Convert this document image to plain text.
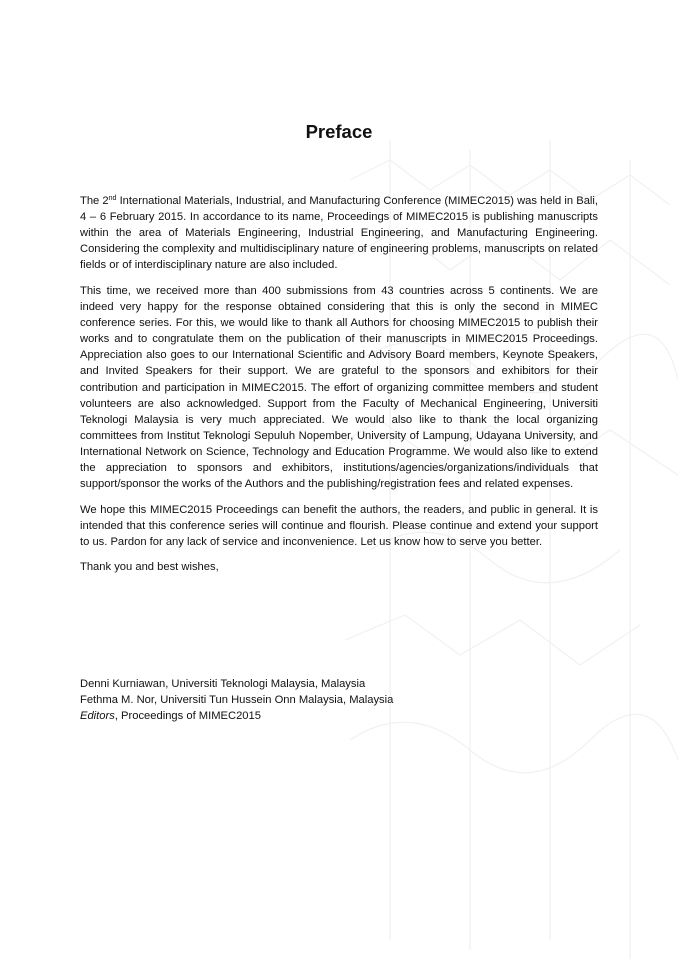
Preface

The 2nd International Materials, Industrial, and Manufacturing Conference (MIMEC2015) was held in Bali, 4 – 6 February 2015. In accordance to its name, Proceedings of MIMEC2015 is publishing manuscripts within the area of Materials Engineering, Industrial Engineering, and Manufacturing Engineering. Considering the complexity and multidisciplinary nature of engineering problems, manuscripts on related fields or of interdisciplinary nature are also included.

This time, we received more than 400 submissions from 43 countries across 5 continents. We are indeed very happy for the response obtained considering that this is only the second in MIMEC conference series. For this, we would like to thank all Authors for choosing MIMEC2015 to publish their works and to congratulate them on the publication of their manuscripts in MIMEC2015 Proceedings. Appreciation also goes to our International Scientific and Advisory Board members, Keynote Speakers, and Invited Speakers for their support. We are grateful to the sponsors and exhibitors for their contribution and participation in MIMEC2015. The effort of organizing committee members and student volunteers are also acknowledged. Support from the Faculty of Mechanical Engineering, Universiti Teknologi Malaysia is very much appreciated. We would also like to thank the local organizing committees from Institut Teknologi Sepuluh Nopember, University of Lampung, Udayana University, and International Network on Science, Technology and Education Programme. We would also like to extend the appreciation to sponsors and exhibitors, institutions/agencies/organizations/individuals that support/sponsor the works of the Authors and the publishing/registration fees and related expenses.

We hope this MIMEC2015 Proceedings can benefit the authors, the readers, and public in general. It is intended that this conference series will continue and flourish. Please continue and extend your support to us. Pardon for any lack of service and inconvenience. Let us know how to serve you better.

Thank you and best wishes,

Denni Kurniawan, Universiti Teknologi Malaysia, Malaysia
Fethma M. Nor, Universiti Tun Hussein Onn Malaysia, Malaysia
Editors, Proceedings of MIMEC2015
